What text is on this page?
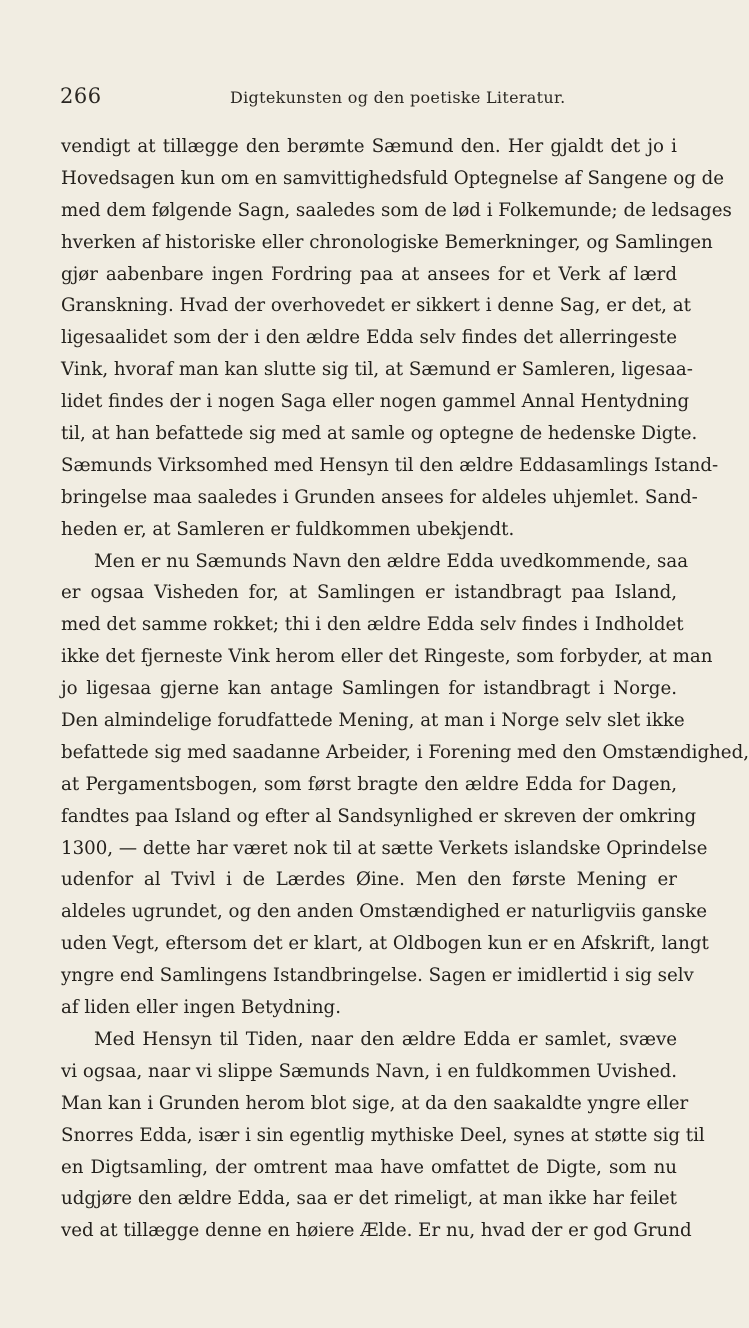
266	Digtekunsten og den poetiske Literatur.
vendigt at tillægge den berømte Sæmund den. Her gjaldt det jo i
Hovedsagen kun om en samvittighedsfuld Optegnelse af Sangene og de
med dem følgende Sagn, saaledes som de lød i Folkemunde; de ledsages
hverken af historiske eller chronologiske Bemerkninger, og Samlingen
gjør aabenbare ingen Fordring paa at ansees for et Verk af lærd
Granskning. Hvad der overhovedet er sikkert i denne Sag, er det, at
ligesaalidet som der i den ældre Edda selv findes det allerringeste
Vink, hvoraf man kan slutte sig til, at Sæmund er Samleren, ligesaa-
lidet findes der i nogen Saga eller nogen gammel Annal Hentydning
til, at han befattede sig med at samle og optegne de hedenske Digte.
Sæmunds Virksomhed med Hensyn til den ældre Eddasamlings Istand-
bringelse maa saaledes i Grunden ansees for aldeles uhjemlet. Sand-
heden er, at Samleren er fuldkommen ubekjendt.
Men er nu Sæmunds Navn den ældre Edda uvedkommende, saa
er ogsaa Visheden for, at Samlingen er istandbragt paa Island,
med det samme rokket; thi i den ældre Edda selv findes i Indholdet
ikke det fjerneste Vink herom eller det Ringeste, som forbyder, at man
jo ligesaa gjerne kan antage Samlingen for istandbragt i Norge.
Den almindelige forudfattede Mening, at man i Norge selv slet ikke
befattede sig med saadanne Arbeider, i Forening med den Omstændighed,
at Pergamentsbogen, som først bragte den ældre Edda for Dagen,
fandtes paa Island og efter al Sandsynlighed er skreven der omkring
1300, — dette har været nok til at sætte Verkets islandske Oprindelse
udenfor al Tvivl i de Lærdes Øine. Men den første Mening er
aldeles ugrundet, og den anden Omstændighed er naturligviis ganske
uden Vegt, eftersom det er klart, at Oldbogen kun er en Afskrift, langt
yngre end Samlingens Istandbringelse. Sagen er imidlertid i sig selv
af liden eller ingen Betydning.
Med Hensyn til Tiden, naar den ældre Edda er samlet, svæve
vi ogsaa, naar vi slippe Sæmunds Navn, i en fuldkommen Uvished.
Man kan i Grunden herom blot sige, at da den saakaldte yngre eller
Snorres Edda, især i sin egentlig mythiske Deel, synes at støtte sig til
en Digtsamling, der omtrent maa have omfattet de Digte, som nu
udgjøre den ældre Edda, saa er det rimeligt, at man ikke har feilet
ved at tillægge denne en høiere Ælde. Er nu, hvad der er god Grund
